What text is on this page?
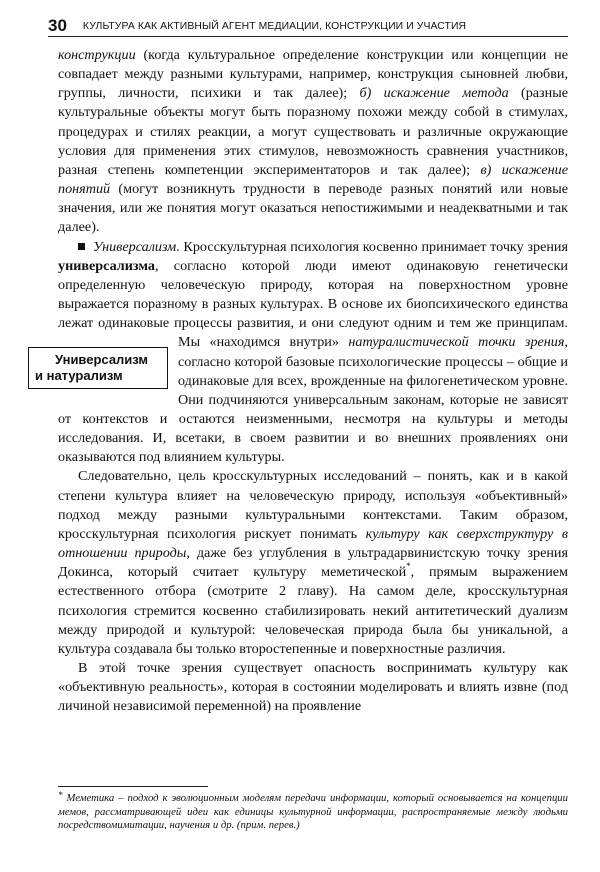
30 КУЛЬТУРА КАК АКТИВНЫЙ АГЕНТ МЕДИАЦИИ, КОНСТРУКЦИИ И УЧАСТИЯ

конструкции (когда культуральное определение конструкции или концепции не совпадает между разными культурами, например, конструкция сыновней любви, группы, личности, психики и так далее); б) искажение метода (разные культуральные объекты могут быть поразному похожи между собой в стимулах, процедурах и стилях реакции, а могут существовать и различные окружающие условия для применения этих стимулов, невозможность сравнения участников, разная степень компетенции экспериментаторов и так далее); в) искажение понятий (могут возникнуть трудности в переводе разных понятий или новые значения, или же понятия могут оказаться непостижимыми и неадекватными и так далее).

Универсализм. Кросскультурная психология косвенно принимает точку зрения универсализма, согласно которой люди имеют одинаковую генетически определенную человеческую природу, которая на поверхностном уровне выражается поразному в разных культурах. В основе их биопсихического единства лежат одинаковые процессы развития, и они следуют одним и тем же принципам. Мы «находимся внутри»
Универсализм
и натурализм
натуралистической точки зрения, согласно которой базовые психологические процессы – общие и одинаковые для всех, врожденные на филогенетическом уровне. Они подчиняются универсальным законам, которые не зависят от контекстов и остаются неизменными, несмотря на культуры и методы исследования. И, всетаки, в своем развитии и во внешних проявлениях они оказываются под влиянием культуры.

Следовательно, цель кросскультурных исследований – понять, как и в какой степени культура влияет на человеческую природу, используя «объективный» подход между разными культуральными контекстами. Таким образом, кросскультурная психология рискует понимать культуру как сверхструктуру в отношении природы, даже без углубления в ультрадарвинистскую точку зрения Докинса, который считает культуру меметической*, прямым выражением естественного отбора (смотрите 2 главу). На самом деле, кросскультурная психология стремится косвенно стабилизировать некий антитетический дуализм между природой и культурой: человеческая природа была бы уникальной, а культура создавала бы только второстепенные и поверхностные различия.

В этой точке зрения существует опасность воспринимать культуру как «объективную реальность», которая в состоянии моделировать и влиять извне (под личиной независимой переменной) на проявление

* Меметика – подход к эволюционным моделям передачи информации, который основывается на концепции мемов, рассматривающей идеи как единицы культурной информации, распространяемые между людьми посредствомимитации, научения и др. (прим. перев.)
